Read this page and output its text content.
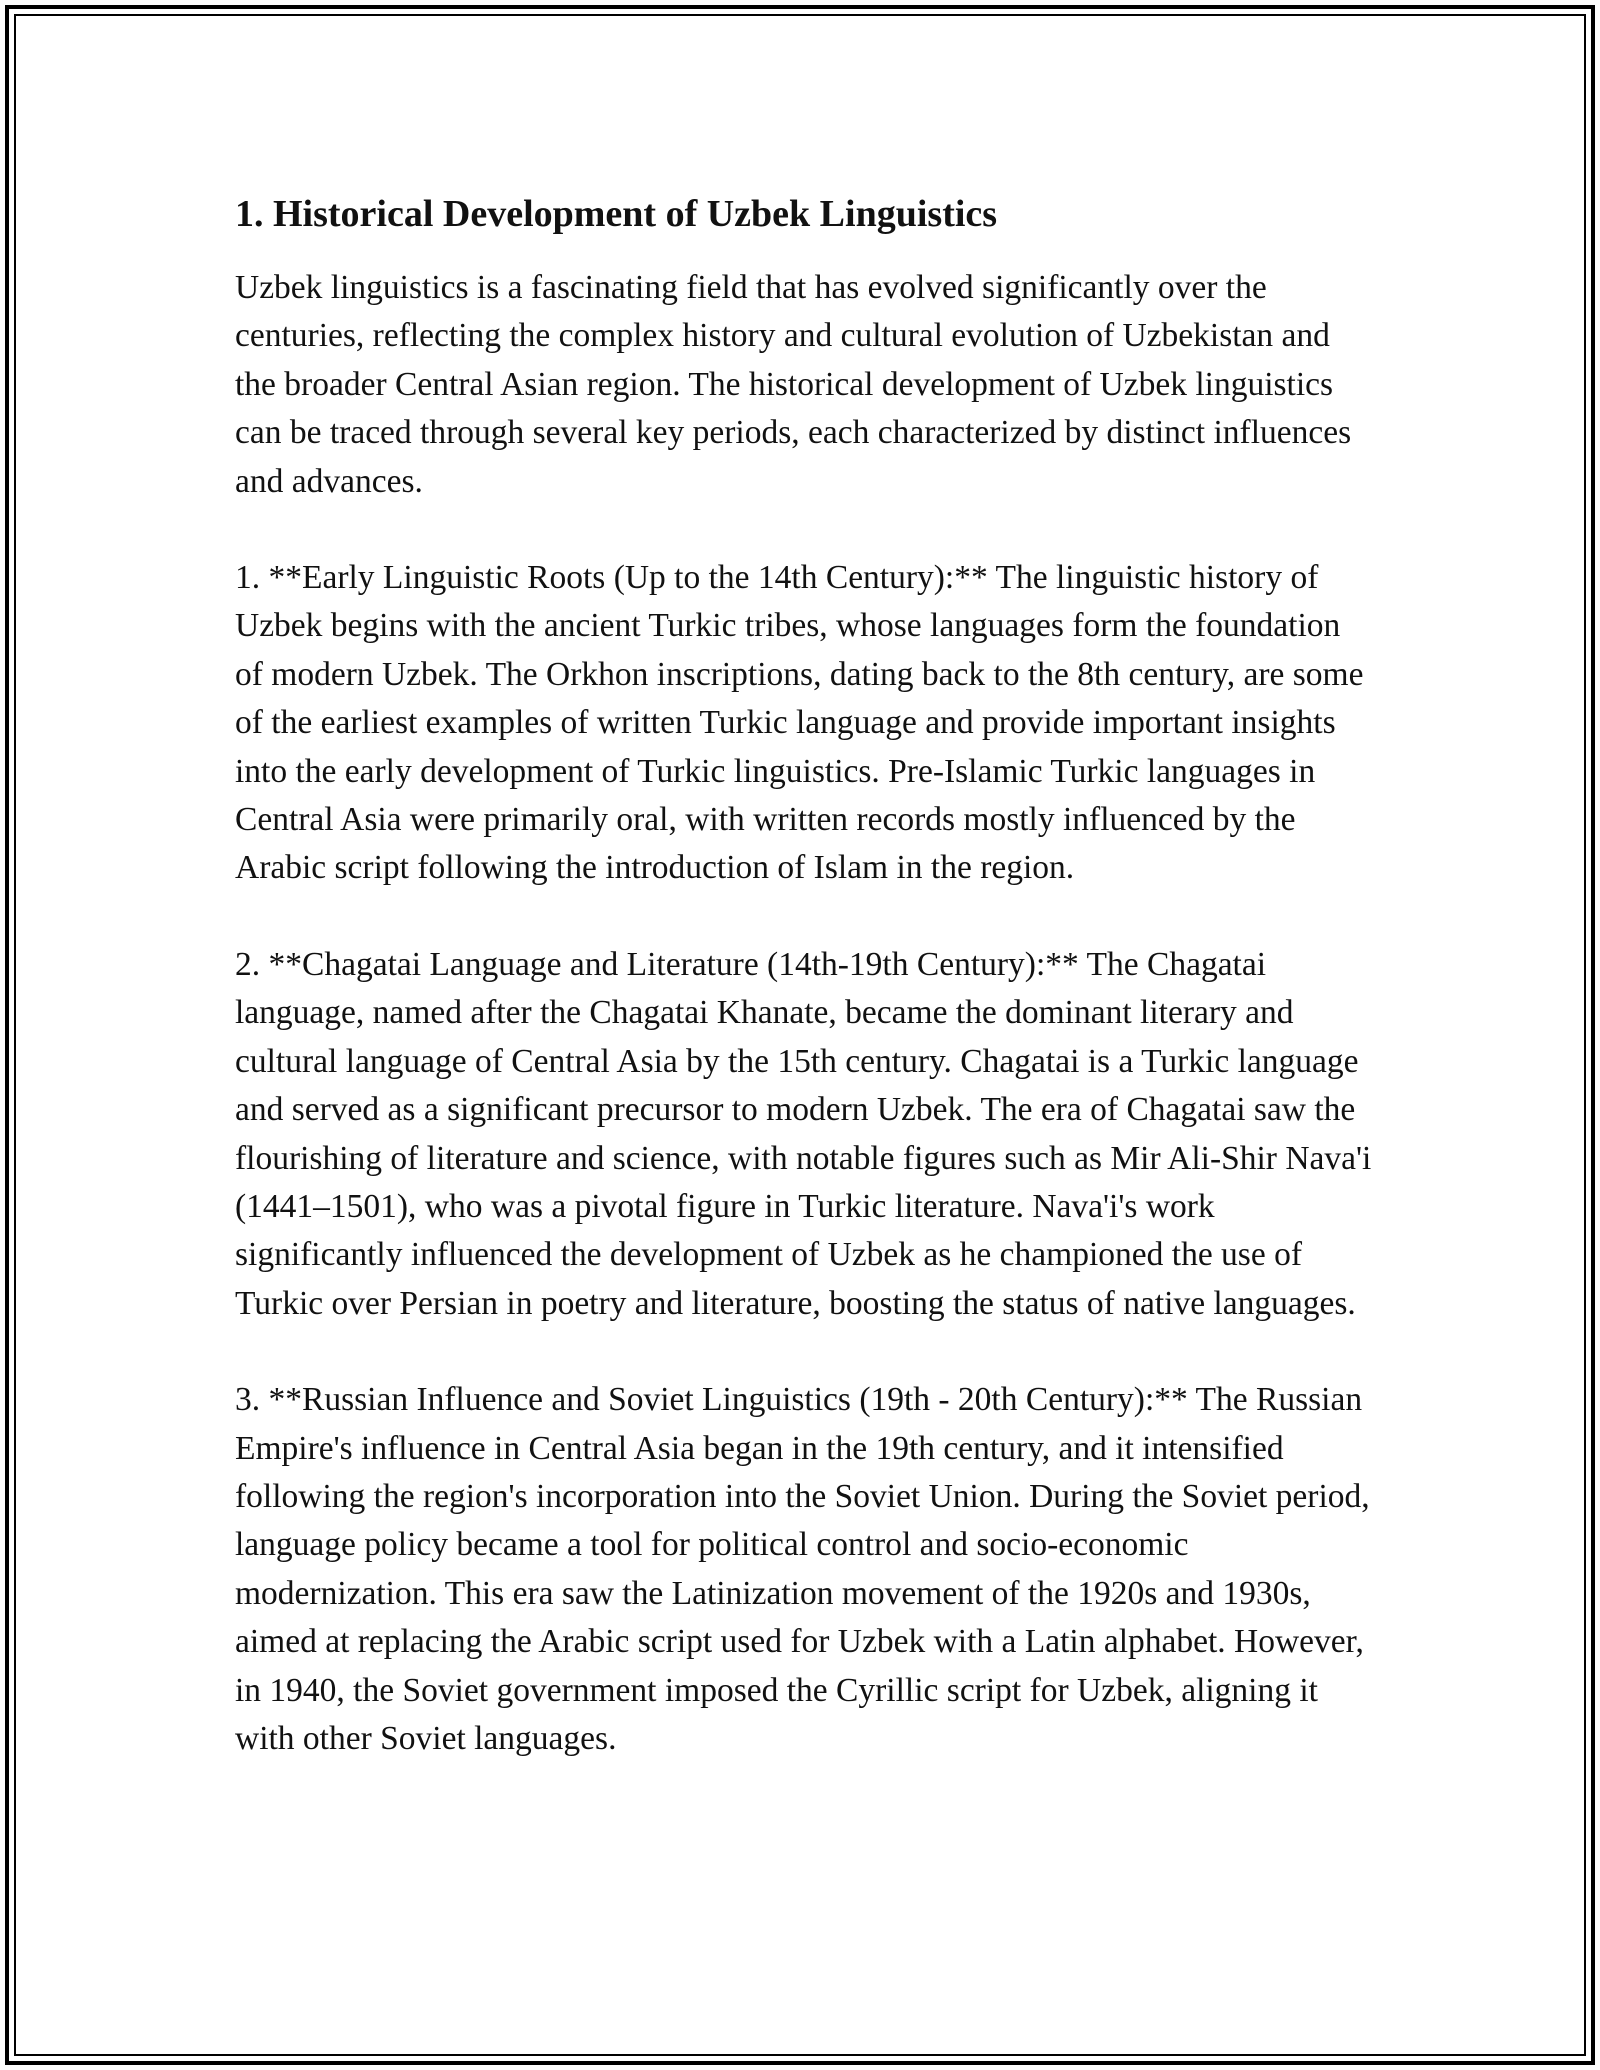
1. Historical Development of Uzbek Linguistics

Uzbek linguistics is a fascinating field that has evolved significantly over the centuries, reflecting the complex history and cultural evolution of Uzbekistan and the broader Central Asian region. The historical development of Uzbek linguistics can be traced through several key periods, each characterized by distinct influences and advances.

1. **Early Linguistic Roots (Up to the 14th Century):** The linguistic history of Uzbek begins with the ancient Turkic tribes, whose languages form the foundation of modern Uzbek. The Orkhon inscriptions, dating back to the 8th century, are some of the earliest examples of written Turkic language and provide important insights into the early development of Turkic linguistics. Pre-Islamic Turkic languages in Central Asia were primarily oral, with written records mostly influenced by the Arabic script following the introduction of Islam in the region.

2. **Chagatai Language and Literature (14th-19th Century):** The Chagatai language, named after the Chagatai Khanate, became the dominant literary and cultural language of Central Asia by the 15th century. Chagatai is a Turkic language and served as a significant precursor to modern Uzbek. The era of Chagatai saw the flourishing of literature and science, with notable figures such as Mir Ali-Shir Nava'i (1441–1501), who was a pivotal figure in Turkic literature. Nava'i's work significantly influenced the development of Uzbek as he championed the use of Turkic over Persian in poetry and literature, boosting the status of native languages.

3. **Russian Influence and Soviet Linguistics (19th - 20th Century):** The Russian Empire's influence in Central Asia began in the 19th century, and it intensified following the region's incorporation into the Soviet Union. During the Soviet period, language policy became a tool for political control and socio-economic modernization. This era saw the Latinization movement of the 1920s and 1930s, aimed at replacing the Arabic script used for Uzbek with a Latin alphabet. However, in 1940, the Soviet government imposed the Cyrillic script for Uzbek, aligning it with other Soviet languages.
